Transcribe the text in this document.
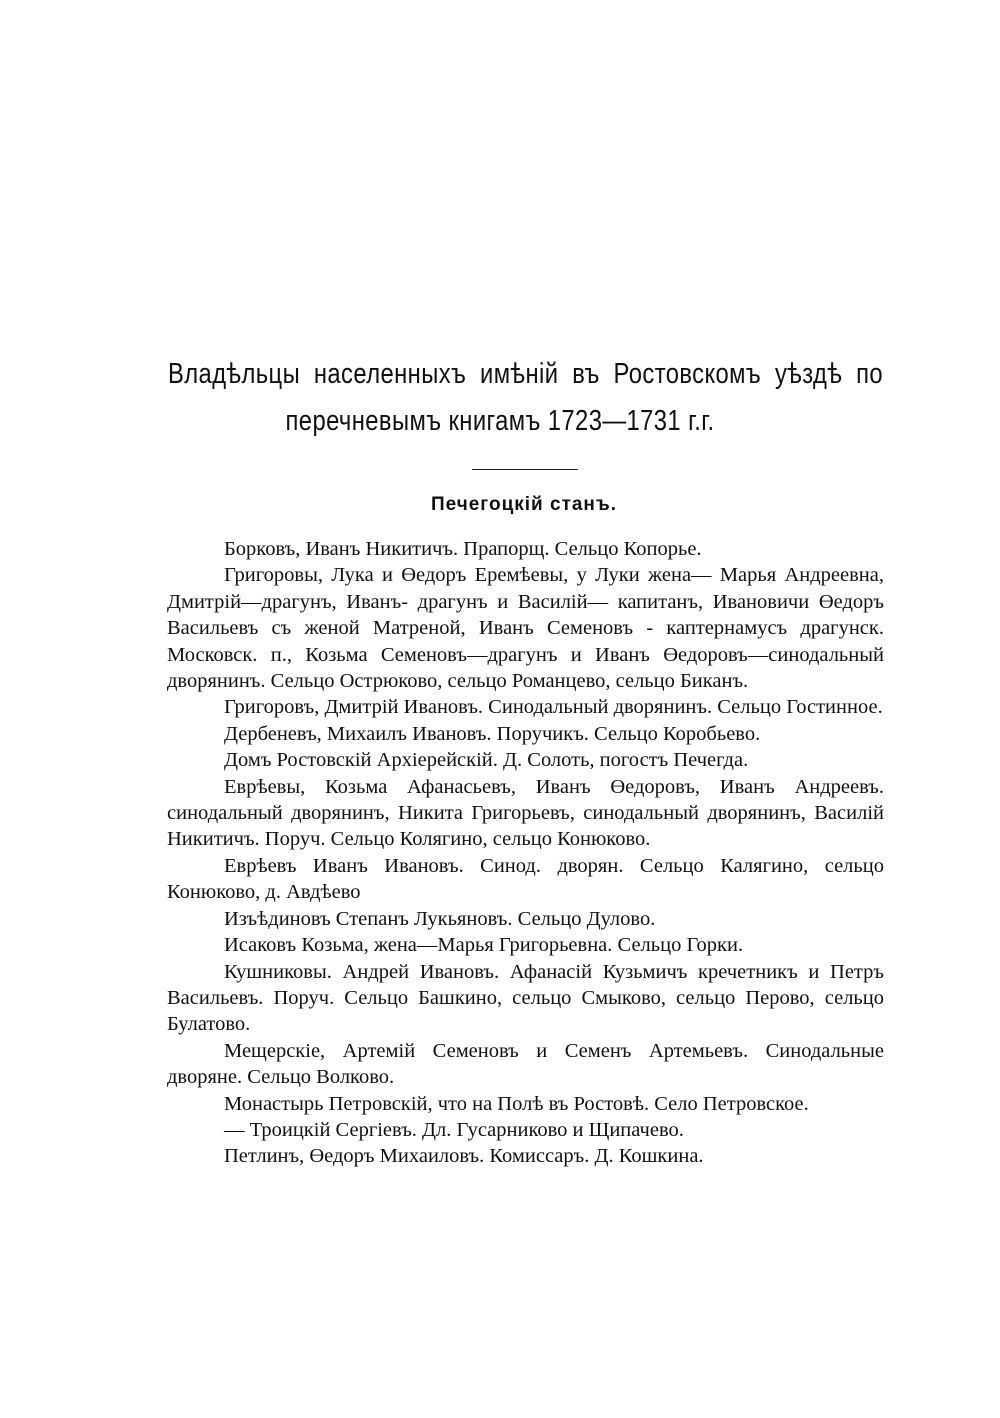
Владѣльцы населенныхъ имѣній въ Ростовскомъ уѣздѣ по
перечневымъ книгамъ 1723—1731 г.г.
Печегоцкій станъ.

Борковъ, Иванъ Никитичъ. Прапорщ. Сельцо Копорье.

Григоровы, Лука и Өедоръ Еремѣевы, у Луки жена— Марья Андреевна, Дмитрій—драгунъ, Иванъ- драгунъ и Василій— капитанъ, Ивановичи Өедоръ Васильевъ съ женой Матреной, Иванъ Семеновъ - каптернамусъ драгунск. Московск. п., Козьма Семеновъ—драгунъ и Иванъ Өедоровъ—синодальный дворянинъ. Сельцо Острюково, сельцо Романцево, сельцо Биканъ.

Григоровъ, Дмитрій Ивановъ. Синодальный дворянинъ. Сельцо Гостинное.

Дербеневъ, Михаилъ Ивановъ. Поручикъ. Сельцо Коробьево.

Домъ Ростовскій Архіерейскій. Д. Солоть, погостъ Печегда.

Еврѣевы, Козьма Афанасьевъ, Иванъ Өедоровъ, Иванъ Андреевъ. синодальный дворянинъ, Никита Григорьевъ, синодальный дворянинъ, Василій Никитичъ. Поруч. Сельцо Колягино, сельцо Конюково.

Еврѣевъ Иванъ Ивановъ. Синод. дворян. Сельцо Калягино, сельцо Конюково, д. Авдѣево

Изъѣдиновъ Степанъ Лукьяновъ. Сельцо Дулово.

Исаковъ Козьма, жена—Марья Григорьевна. Сельцо Горки.

Кушниковы. Андрей Ивановъ. Афанасій Кузьмичъ кречетникъ и Петръ Васильевъ. Поруч. Сельцо Башкино, сельцо Смыково, сельцо Перово, сельцо Булатово.

Мещерскіе, Артемій Семеновъ и Семенъ Артемьевъ. Синодальные дворяне. Сельцо Волково.

Монастырь Петровскій, что на Полѣ въ Ростовѣ. Село Петровское.

— Троицкій Сергіевъ. Дл. Гусарниково и Щипачево.

Петлинъ, Өедоръ Михаиловъ. Комиссаръ. Д. Кошкина.
